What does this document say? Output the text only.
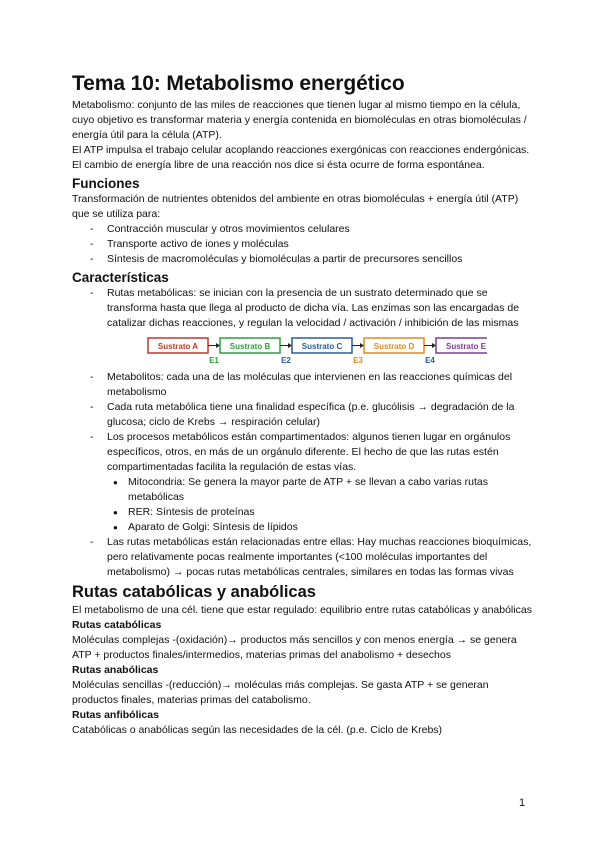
Tema 10: Metabolismo energético

Metabolismo: conjunto de las miles de reacciones que tienen lugar al mismo tiempo en la célula, cuyo objetivo es transformar materia y energía contenida en biomoléculas en otras biomoléculas / energía útil para la célula (ATP).

El ATP impulsa el trabajo celular acoplando reacciones exergónicas con reacciones endergónicas. El cambio de energía libre de una reacción nos dice si ésta ocurre de forma espontánea.

Funciones

Transformación de nutrientes obtenidos del ambiente en otras biomoléculas + energía útil (ATP) que se utiliza para:

- Contracción muscular y otros movimientos celulares
- Transporte activo de iones y moléculas
- Síntesis de macromoléculas y biomoléculas a partir de precursores sencillos
Características
- Rutas metabólicas: se inician con la presencia de un sustrato determinado que se transforma hasta que llega al producto de dicha vía. Las enzimas son las encargadas de catalizar dichas reacciones, y regulan la velocidad / activación / inhibición de las mismas
Sustrato A	Sustrato B	Sustrato C	Sustrato D	Sustrato E
E1	E2	E3	E4
- Metabolitos: cada una de las moléculas que intervienen en las reacciones químicas del metabolismo
- Cada ruta metabólica tiene una finalidad específica (p.e. glucólisis → degradación de la glucosa; ciclo de Krebs → respiración celular)
- Los procesos metabólicos están compartimentados: algunos tienen lugar en orgánulos específicos, otros, en más de un orgánulo diferente. El hecho de que las rutas estén compartimentadas facilita la regulación de estas vías.
● Mitocondria: Se genera la mayor parte de ATP + se llevan a cabo varias rutas metabólicas
● RER: Síntesis de proteínas
● Aparato de Golgi: Síntesis de lípidos
- Las rutas metabólicas están relacionadas entre ellas: Hay muchas reacciones bioquímicas, pero relativamente pocas realmente importantes (<100 moléculas importantes del metabolismo) → pocas rutas metabólicas centrales, similares en todas las formas vivas
Rutas catabólicas y anabólicas

El metabolismo de una cél. tiene que estar regulado: equilibrio entre rutas catabólicas y anabólicas

Rutas catabólicas

Moléculas complejas -(oxidación)→ productos más sencillos y con menos energía → se genera ATP + productos finales/intermedios, materias primas del anabolismo + desechos

Rutas anabólicas

Moléculas sencillas -(reducción)→ moléculas más complejas. Se gasta ATP + se generan productos finales, materias primas del catabolismo.

Rutas anfibólicas

Catabólicas o anabólicas según las necesidades de la cél. (p.e. Ciclo de Krebs)

1
